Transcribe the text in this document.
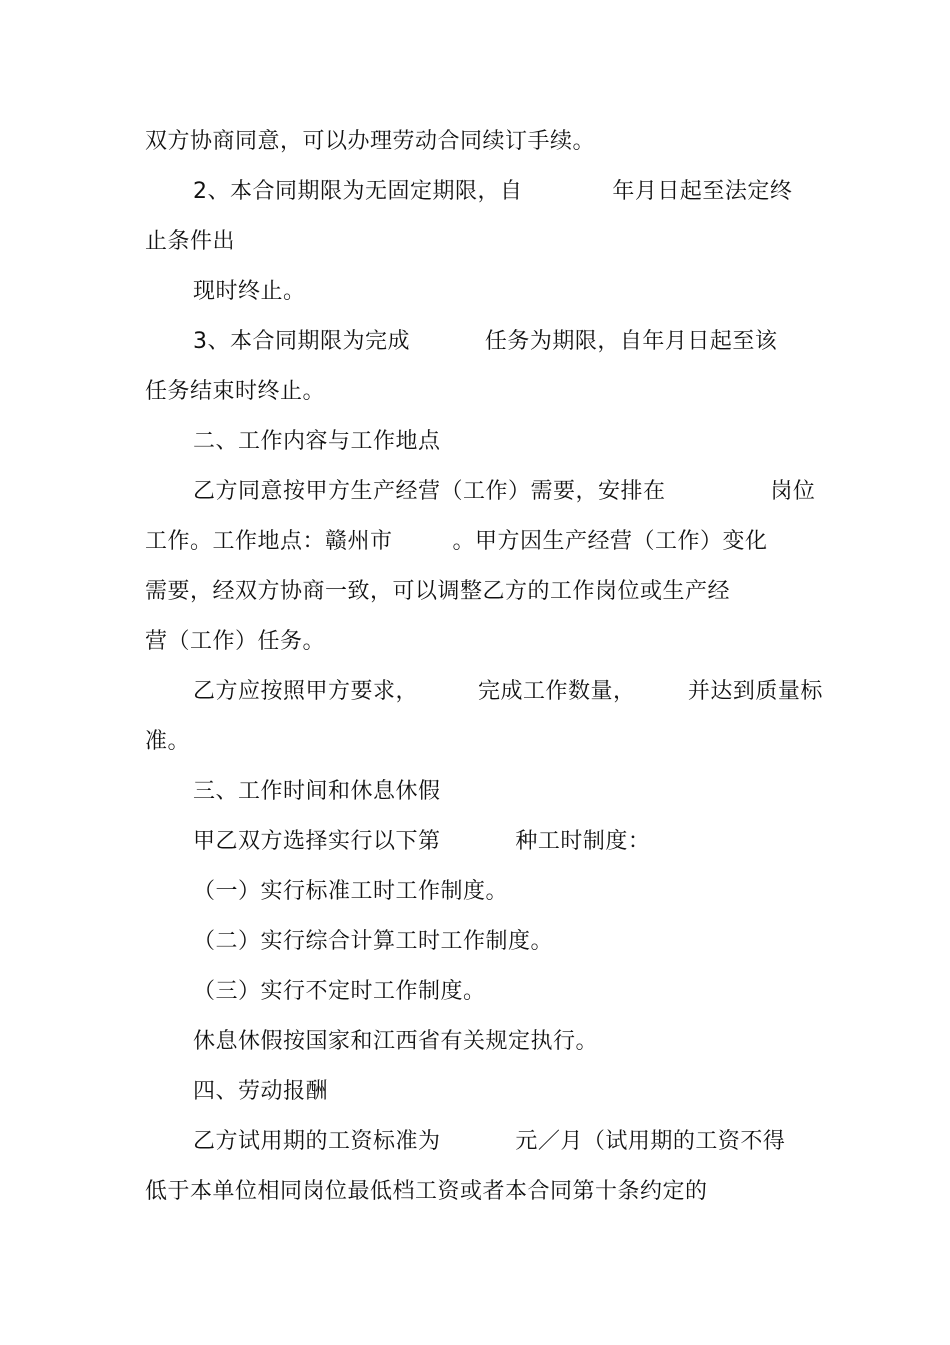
双方协商同意，可以办理劳动合同续订手续。
2、本合同期限为无固定期限，自            年月日起至法定终
止条件出
现时终止。
3、本合同期限为完成          任务为期限，自年月日起至该
任务结束时终止。
二、工作内容与工作地点
乙方同意按甲方生产经营（工作）需要，安排在              岗位
工作。工作地点：赣州市        。甲方因生产经营（工作）变化
需要，经双方协商一致，可以调整乙方的工作岗位或生产经
营（工作）任务。
乙方应按照甲方要求，        完成工作数量，       并达到质量标
准。
三、工作时间和休息休假
甲乙双方选择实行以下第          种工时制度：
（一）实行标准工时工作制度。
（二）实行综合计算工时工作制度。
（三）实行不定时工作制度。
休息休假按国家和江西省有关规定执行。
四、劳动报酬
乙方试用期的工资标准为          元／月（试用期的工资不得
低于本单位相同岗位最低档工资或者本合同第十条约定的
